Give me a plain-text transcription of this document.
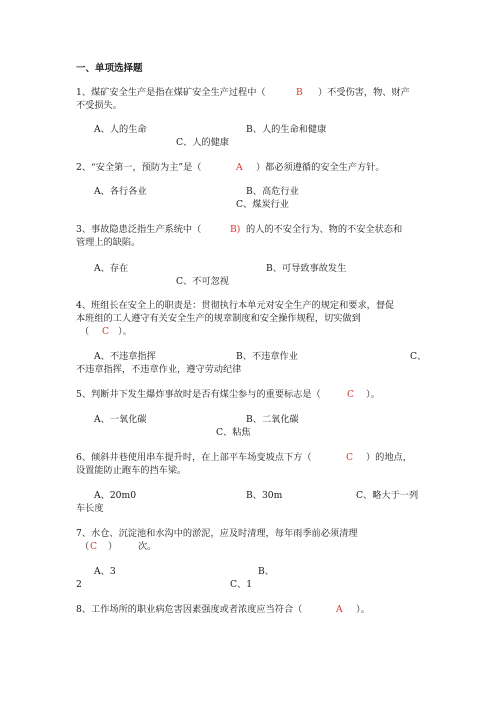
一、单项选择题
1、煤矿安全生产是指在煤矿安全生产过程中（	B ）不受伤害，物、财产
不受损失。
A、人的生命	B、人的生命和健康
C、人的健康
2、“安全第一，预防为主”是（	A ）都必须遵循的安全生产方针。
A、各行各业	B、高危行业
C、煤炭行业
3、事故隐患泛指生产系统中（	B) 的人的不安全行为、物的不安全状态和
管理上的缺陷。
A、存在	B、可导致事故发生
C、不可忽视
4、班组长在安全上的职责是：贯彻执行本单元对安全生产的规定和要求，督促
本班组的工人遵守有关安全生产的规章制度和安全操作规程，切实做到
（ C ）。
A、不违章指挥	B、不违章作业	C、
不违章指挥，不违章作业，遵守劳动纪律
5、判断井下发生爆炸事故时是否有煤尘参与的重要标志是（	C ）。
A、一氧化碳	B、二氧化碳
C、粘焦
6、倾斜井巷使用串车提升时，在上部平车场变坡点下方（	C ）的地点，
设置能防止跑车的挡车梁。
A、20m0	B、30m	C、略大于一列
车长度
7、水仓、沉淀池和水沟中的淤泥，应及时清理，每年雨季前必须清理
（ C ） 次。
A、3	B、
2	C、1
8、工作场所的职业病危害因素强度或者浓度应当符合（	A ）。
